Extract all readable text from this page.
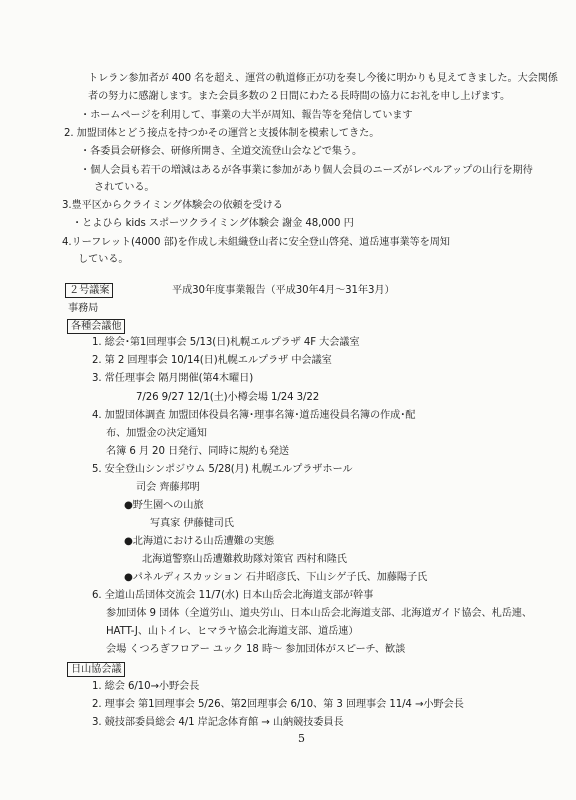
トレラン参加者が 400 名を超え、運営の軌道修正が功を奏し今後に明かりも見えてきました。大会関係
者の努力に感謝します。また会員多数の２日間にわたる長時間の協力にお礼を申し上げます。
・ホームページを利用して、事業の大半が周知、報告等を発信しています
2. 加盟団体とどう接点を持つかその運営と支援体制を模索してきた。
・各委員会研修会、研修所開き、全道交流登山会などで集う。
・個人会員も若干の増減はあるが各事業に参加があり個人会員のニーズがレベルアップの山行を期待
されている。
3.豊平区からクライミング体験会の依頼を受ける
・とよひら kids スポーツクライミング体験会 謝金 48,000 円
4.リーフレット(4000 部)を作成し未組織登山者に安全登山啓発、道岳連事業等を周知
している。
２号議案	平成30年度事業報告（平成30年4月～31年3月）
事務局
各種会議他
1. 総会･第1回理事会 5/13(日)札幌エルプラザ 4F 大会議室
2. 第 2 回理事会 10/14(日)札幌エルプラザ 中会議室
3. 常任理事会 隔月開催(第4木曜日)
7/26 9/27 12/1(土)小樽会場 1/24 3/22
4. 加盟団体調査 加盟団体役員名簿･理事名簿･道岳連役員名簿の作成･配
布、加盟金の決定通知
名簿 6 月 20 日発行、同時に規約も発送
5. 安全登山シンポジウム 5/28(月) 札幌エルプラザホール
司会 齊藤邦明
●野生園への山旅
写真家 伊藤健司氏
●北海道における山岳遭難の実態
北海道警察山岳遭難救助隊対策官 西村和隆氏
●パネルディスカッション 石井昭彦氏、下山シゲ子氏、加藤陽子氏
6. 全道山岳団体交流会 11/7(水) 日本山岳会北海道支部が幹事
参加団体 9 団体（全道労山、道央労山、日本山岳会北海道支部、北海道ガイド協会、札岳連、
HATT-J、山トイレ、ヒマラヤ協会北海道支部、道岳連）
会場 くつろぎフロアー ユック 18 時～ 参加団体がスピーチ、歓談
日山協会議
1. 総会 6/10→小野会長
2. 理事会 第1回理事会 5/26、第2回理事会 6/10、第 3 回理事会 11/4 →小野会長
3. 競技部委員総会 4/1 岸記念体育館 → 山納競技委員長
5
